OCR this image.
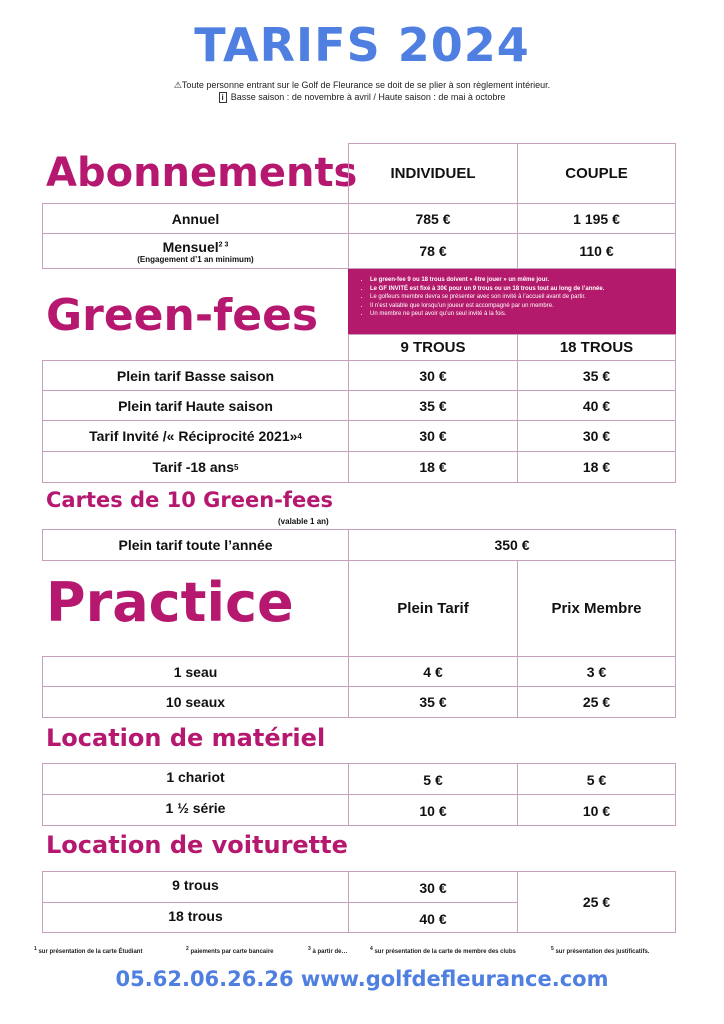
TARIFS 2024
⚠Toute personne entrant sur le Golf de Fleurance se doit de se plier à son règlement intérieur.
i Basse saison : de novembre à avril / Haute saison : de mai à octobre
Abonnements	INDIVIDUEL	COUPLE
Annuel	785 €	1 195 €
Mensuel$^{2 3}$
(Engagement d’1 an minimum)	78 €	110 €
Green-fees
• Le green-fee 9 ou 18 trous doivent « être jouer » un même jour.
• Le GF INVITÉ est fixé à 30€ pour un 9 trous ou un 18 trous tout au long de l’année.
• Le golfeurs membre devra se présenter avec son invité à l’accueil avant de partir.
• Il n’est valable que lorsqu’un joueur est accompagné par un membre.
• Un membre ne peut avoir qu’un seul invité à la fois.
9 TROUS	18 TROUS
Plein tarif Basse saison	30 €	35 €
Plein tarif Haute saison	35 €	40 €
Tarif Invité /« Réciprocité 2021» 4	30 €	30 €
Tarif -18 ans 5	18 €	18 €
Cartes de 10 Green-fees
(valable 1 an)
Plein tarif toute l’année	350 €
Practice	Plein Tarif	Prix Membre
1 seau	4 €	3 €
10 seaux	35 €	25 €
Location de matériel
1 chariot	5 €	5 €
1 ½ série	10 €	10 €
Location de voiturette
9 trous	30 €
18 trous	40 €
25 €
$^1$ sur présentation de la carte Étudiant	$^2$ paiements par carte bancaire	$^3$ à partir de…	$^4$ sur présentation de la carte de membre des clubs	$^5$ sur présentation des justificatifs.
05.62.06.26.26 www.golfdefleurance.com
